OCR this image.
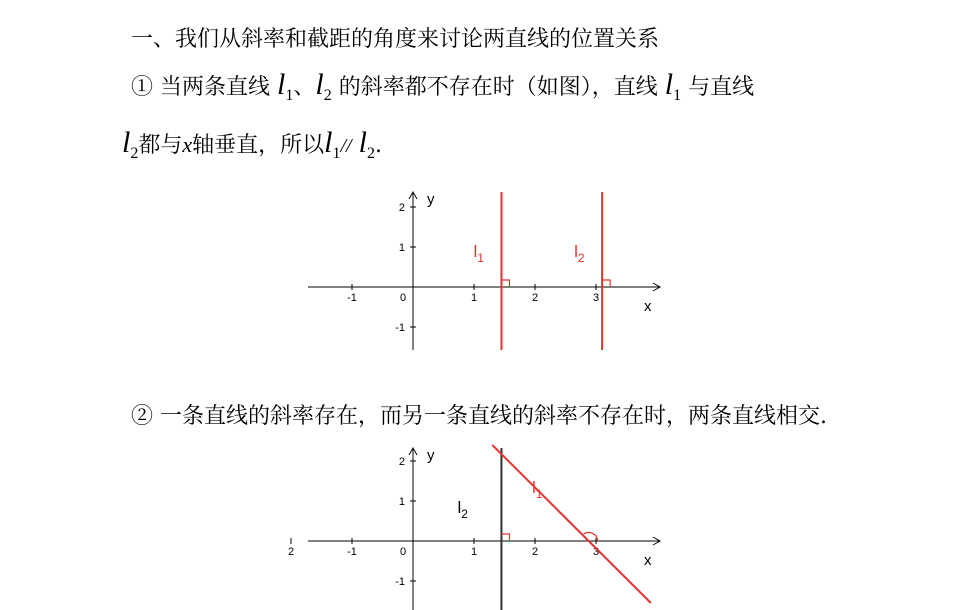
一、我们从斜率和截距的角度来讨论两直线的位置关系
① 当两条直线 $l_1$、$l_2$ 的斜率都不存在时（如图），直线 $l_1$ 与直线
$l_2$都与x轴垂直，所以$l_1//$ $l_2$.
② 一条直线的斜率存在，而另一条直线的斜率不存在时，两条直线相交.
x
y
-1	0	1	2	3
2
1
-1
$l_1$	$l_2$
x
y
2	-1	0	1	2	3
2
1
-1
$l_2$
$l_1$
